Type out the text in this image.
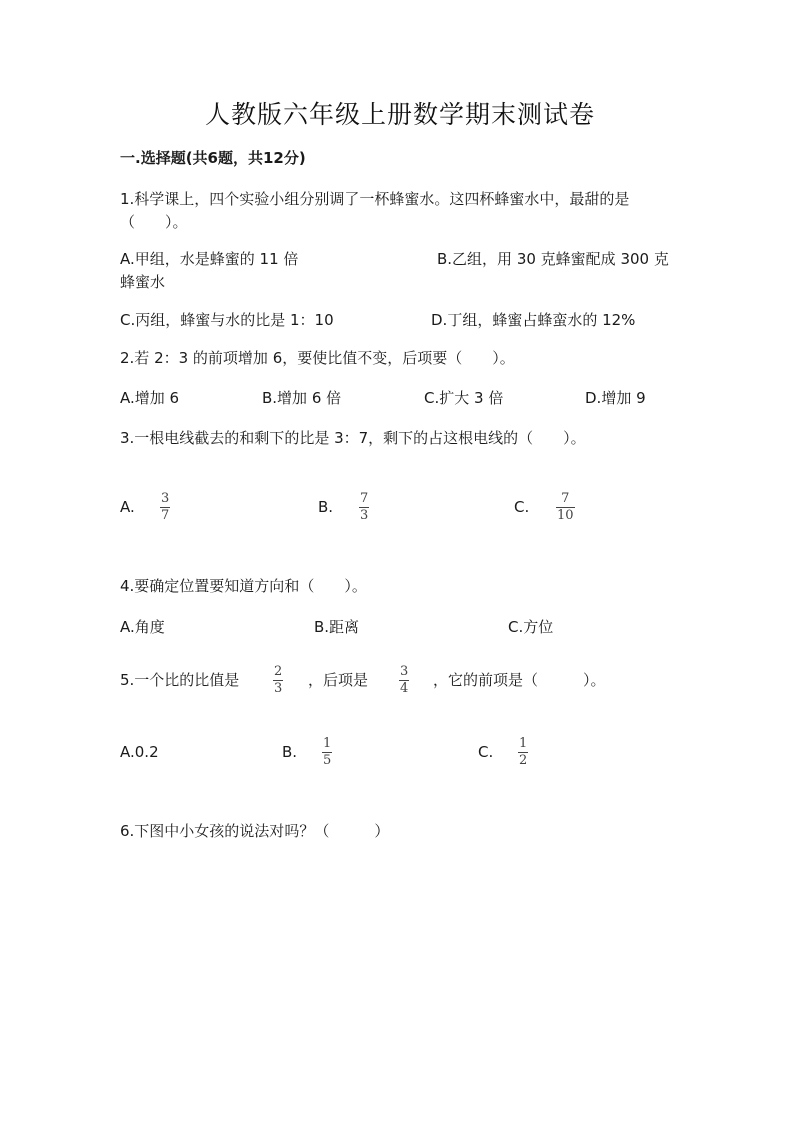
人教版六年级上册数学期末测试卷
一.选择题(共6题，共12分)
1.科学课上，四个实验小组分别调了一杯蜂蜜水。这四杯蜂蜜水中，最甜的是
（　　）。
A.甲组，水是蜂蜜的 11 倍	B.乙组，用 30 克蜂蜜配成 300 克
蜂蜜水
C.丙组，蜂蜜与水的比是 1：10	D.丁组，蜂蜜占蜂蛮水的 12%
2.若 2：3 的前项增加 6，要使比值不变，后项要（　　）。
A.增加 6	B.增加 6 倍	C.扩大 3 倍	D.增加 9
3.一根电线截去的和剩下的比是 3：7，剩下的占这根电线的（　　）。
A. 3
7	B. 7
3	C. 7
10
4.要确定位置要知道方向和（　　）。
A.角度	B.距离	C.方位
5.一个比的比值是	2
3 ，后项是 3
4 ，它的前项是（　　　）。
A.0.2	B. 1
5	C. 1
2
6.下图中小女孩的说法对吗？（　　　）
